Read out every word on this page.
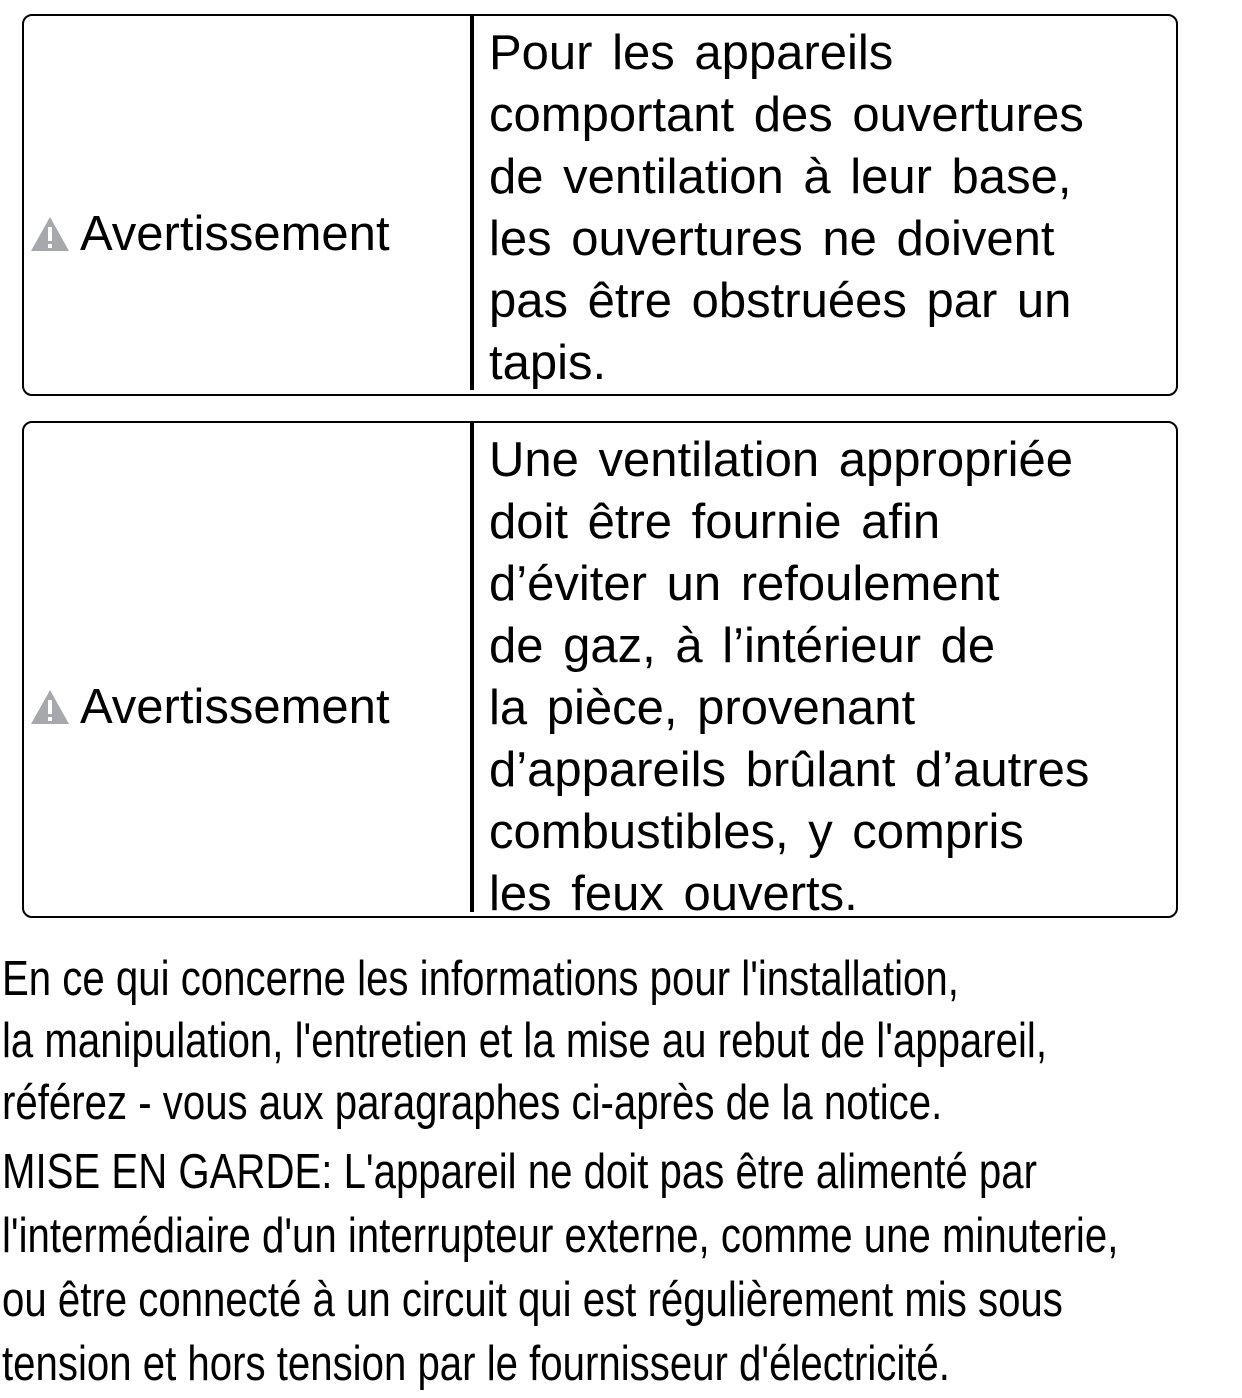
Avertissement
Pour les appareils
comportant des ouvertures
de ventilation à leur base,
les ouvertures ne doivent
pas être obstruées par un
tapis.
Avertissement
Une ventilation appropriée
doit être fournie afin
d’éviter un refoulement
de gaz, à l’intérieur de
la pièce, provenant
d’appareils brûlant d’autres
combustibles, y compris
les feux ouverts.
En ce qui concerne les informations pour l'installation,
la manipulation, l'entretien et la mise au rebut de l'appareil,
référez - vous aux paragraphes ci-après de la notice.
MISE EN GARDE: L'appareil ne doit pas être alimenté par
l'intermédiaire d'un interrupteur externe, comme une minuterie,
ou être connecté à un circuit qui est régulièrement mis sous
tension et hors tension par le fournisseur d'électricité.
